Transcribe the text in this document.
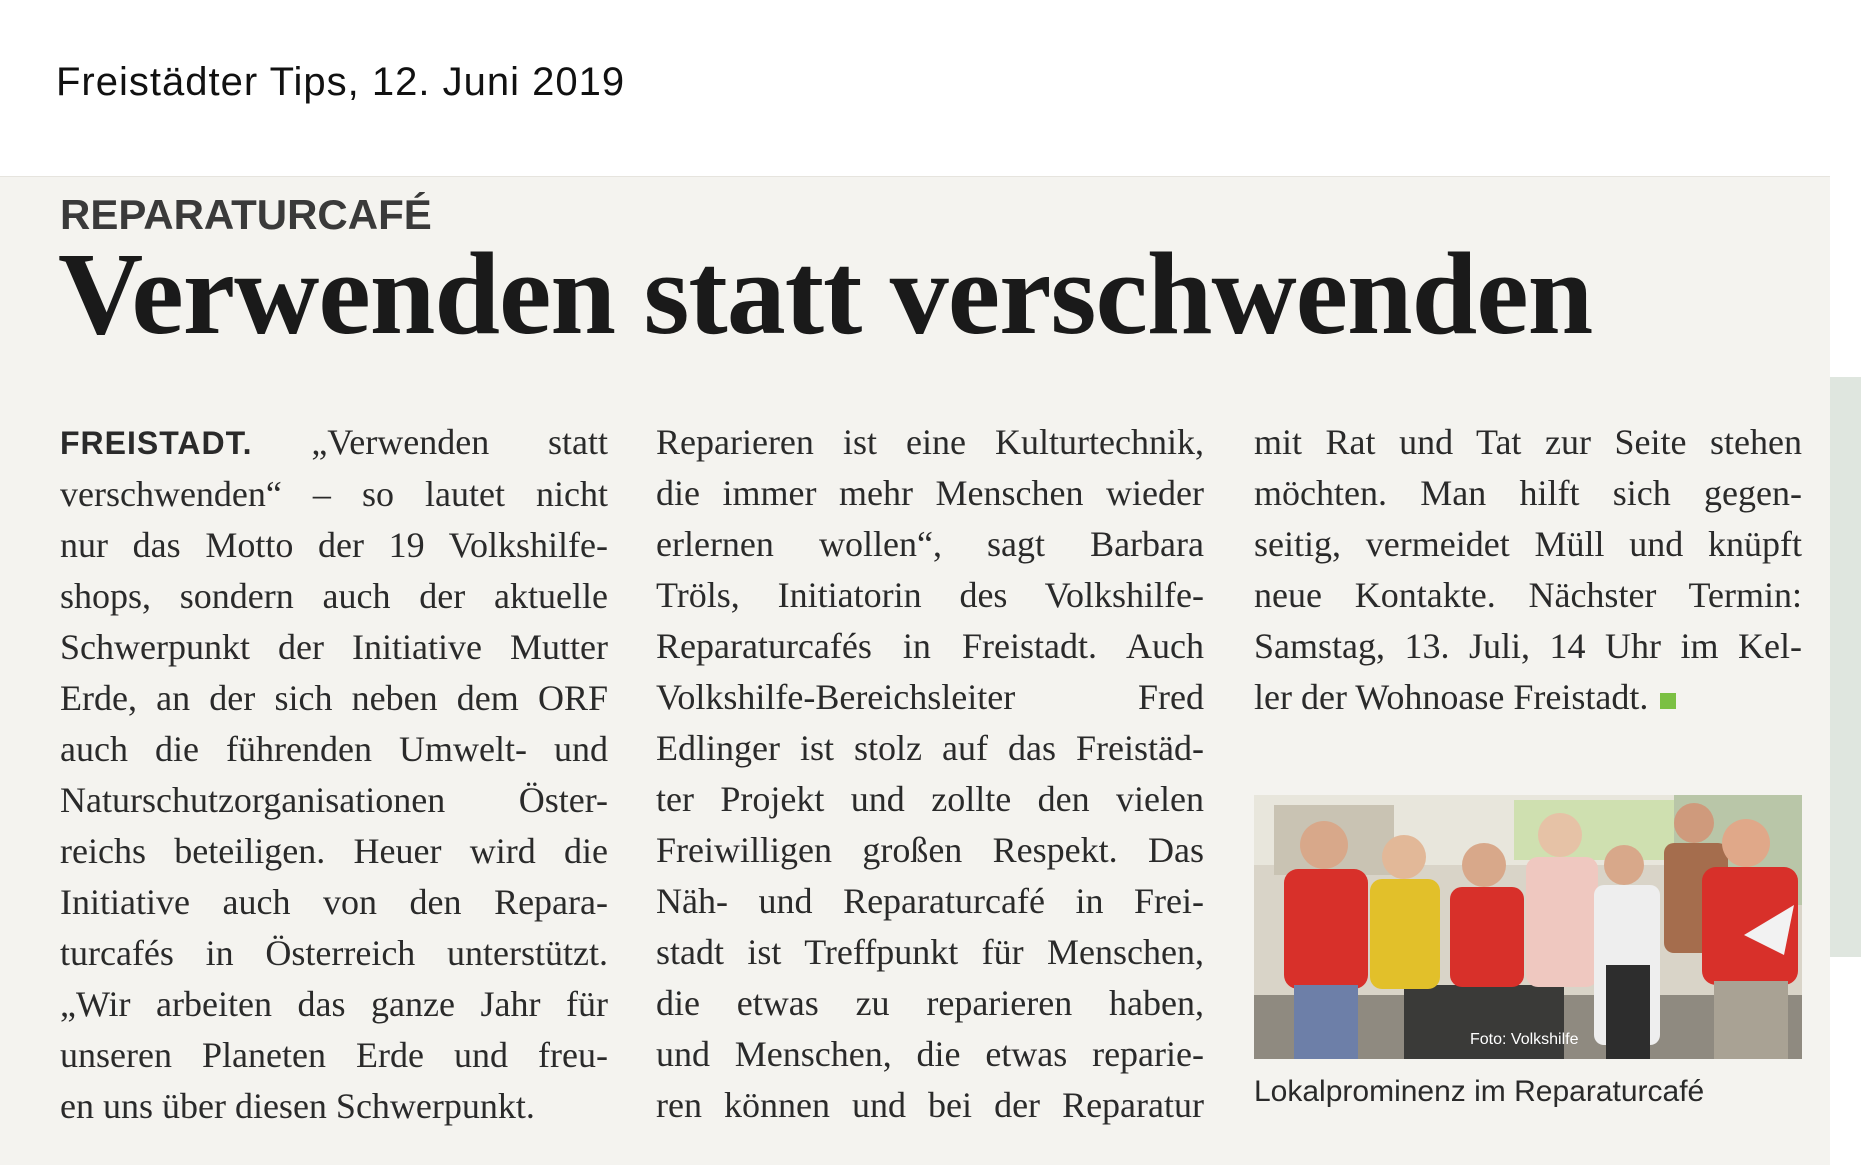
Freistädter Tips, 12. Juni 2019
REPARATURCAFÉ
Verwenden statt verschwenden

FREISTADT. „Verwenden statt

verschwenden“ – so lautet nicht

nur das Motto der 19 Volkshilfe-

shops, sondern auch der aktuelle

Schwerpunkt der Initiative Mutter

Erde, an der sich neben dem ORF

auch die führenden Umwelt- und

Naturschutzorganisationen Öster-

reichs beteiligen. Heuer wird die

Initiative auch von den Repara-

turcafés in Österreich unterstützt.

„Wir arbeiten das ganze Jahr für

unseren Planeten Erde und freu-

en uns über diesen Schwerpunkt.

Reparieren ist eine Kulturtechnik,

die immer mehr Menschen wieder

erlernen wollen“, sagt Barbara

Tröls, Initiatorin des Volkshilfe-

Reparaturcafés in Freistadt. Auch

Volkshilfe-Bereichsleiter Fred

Edlinger ist stolz auf das Freistäd-

ter Projekt und zollte den vielen

Freiwilligen großen Respekt. Das

Näh- und Reparaturcafé in Frei-

stadt ist Treffpunkt für Menschen,

die etwas zu reparieren haben,

und Menschen, die etwas reparie-

ren können und bei der Reparatur

mit Rat und Tat zur Seite stehen

möchten. Man hilft sich gegen-

seitig, vermeidet Müll und knüpft

neue Kontakte. Nächster Termin:

Samstag, 13. Juli, 14 Uhr im Kel-

ler der Wohnoase Freistadt.

Foto: Volkshilfe
Lokalprominenz im Reparaturcafé
